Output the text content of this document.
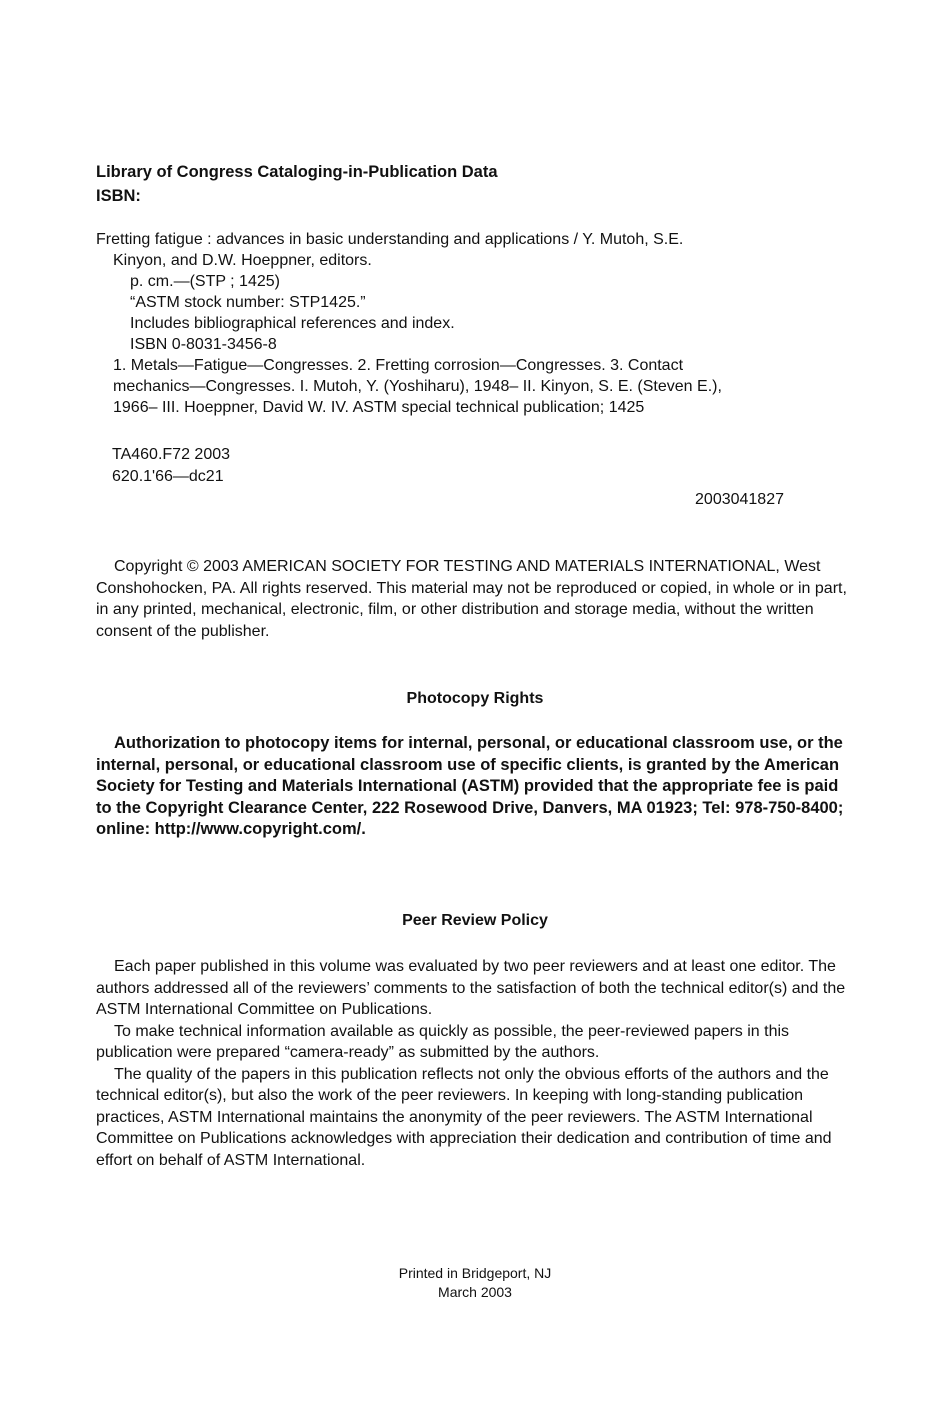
Library of Congress Cataloging-in-Publication Data
ISBN:
Fretting fatigue : advances in basic understanding and applications / Y. Mutoh, S.E.
Kinyon, and D.W. Hoeppner, editors.
p. cm.—(STP ; 1425)
“ASTM stock number: STP1425.”
Includes bibliographical references and index.
ISBN 0-8031-3456-8
1. Metals—Fatigue—Congresses. 2. Fretting corrosion—Congresses. 3. Contact
mechanics—Congresses. I. Mutoh, Y. (Yoshiharu), 1948– II. Kinyon, S. E. (Steven E.),
1966– III. Hoeppner, David W. IV. ASTM special technical publication; 1425
TA460.F72 2003
620.1'66—dc21
2003041827

Copyright © 2003 AMERICAN SOCIETY FOR TESTING AND MATERIALS INTERNATIONAL, West Conshohocken, PA. All rights reserved. This material may not be reproduced or copied, in whole or in part, in any printed, mechanical, electronic, film, or other distribution and storage media, without the written consent of the publisher.

Photocopy Rights

Authorization to photocopy items for internal, personal, or educational classroom use, or the internal, personal, or educational classroom use of specific clients, is granted by the American Society for Testing and Materials International (ASTM) provided that the appropriate fee is paid to the Copyright Clearance Center, 222 Rosewood Drive, Danvers, MA 01923; Tel: 978-750-8400; online: http://www.copyright.com/.

Peer Review Policy

Each paper published in this volume was evaluated by two peer reviewers and at least one editor. The authors addressed all of the reviewers’ comments to the satisfaction of both the technical editor(s) and the ASTM International Committee on Publications.

To make technical information available as quickly as possible, the peer-reviewed papers in this publication were prepared “camera-ready” as submitted by the authors.

The quality of the papers in this publication reflects not only the obvious efforts of the authors and the technical editor(s), but also the work of the peer reviewers. In keeping with long-standing publication practices, ASTM International maintains the anonymity of the peer reviewers. The ASTM International Committee on Publications acknowledges with appreciation their dedication and contribution of time and effort on behalf of ASTM International.

Printed in Bridgeport, NJ
March 2003
